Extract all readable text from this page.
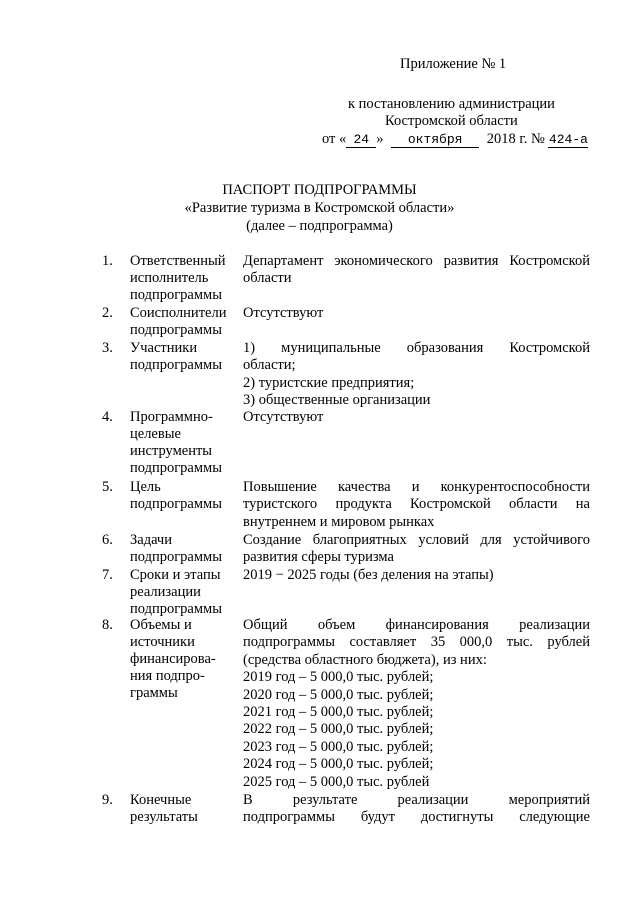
Приложение № 1
к постановлению администрации
Костромской области
от « 24 » октября 2018 г. № 424-а
ПАСПОРТ ПОДПРОГРАММЫ
«Развитие туризма в Костромской области»
(далее – подпрограмма)
1. Ответственный
исполнитель
подпрограммы
Департамент экономического развития Костромской
области
2. Соисполнители
подпрограммы
Отсутствуют
3. Участники
подпрограммы
1) муниципальные образования Костромской
области;
2) туристские предприятия;
3) общественные организации
4. Программно-
целевые
инструменты
подпрограммы
Отсутствуют
5. Цель
подпрограммы
Повышение качества и конкурентоспособности
туристского продукта Костромской области на
внутреннем и мировом рынках
6. Задачи
подпрограммы
Создание благоприятных условий для устойчивого
развития сферы туризма
7. Сроки и этапы
реализации
подпрограммы
2019 − 2025 годы (без деления на этапы)
8. Объемы и
источники
финансирова-
ния подпро-
граммы
Общий объем финансирования реализации
подпрограммы составляет 35 000,0 тыс. рублей
(средства областного бюджета), из них:
2019 год – 5 000,0 тыс. рублей;
2020 год – 5 000,0 тыс. рублей;
2021 год – 5 000,0 тыс. рублей;
2022 год – 5 000,0 тыс. рублей;
2023 год – 5 000,0 тыс. рублей;
2024 год – 5 000,0 тыс. рублей;
2025 год – 5 000,0 тыс. рублей
9. Конечные
результаты
В результате реализации мероприятий
подпрограммы будут достигнуты следующие
